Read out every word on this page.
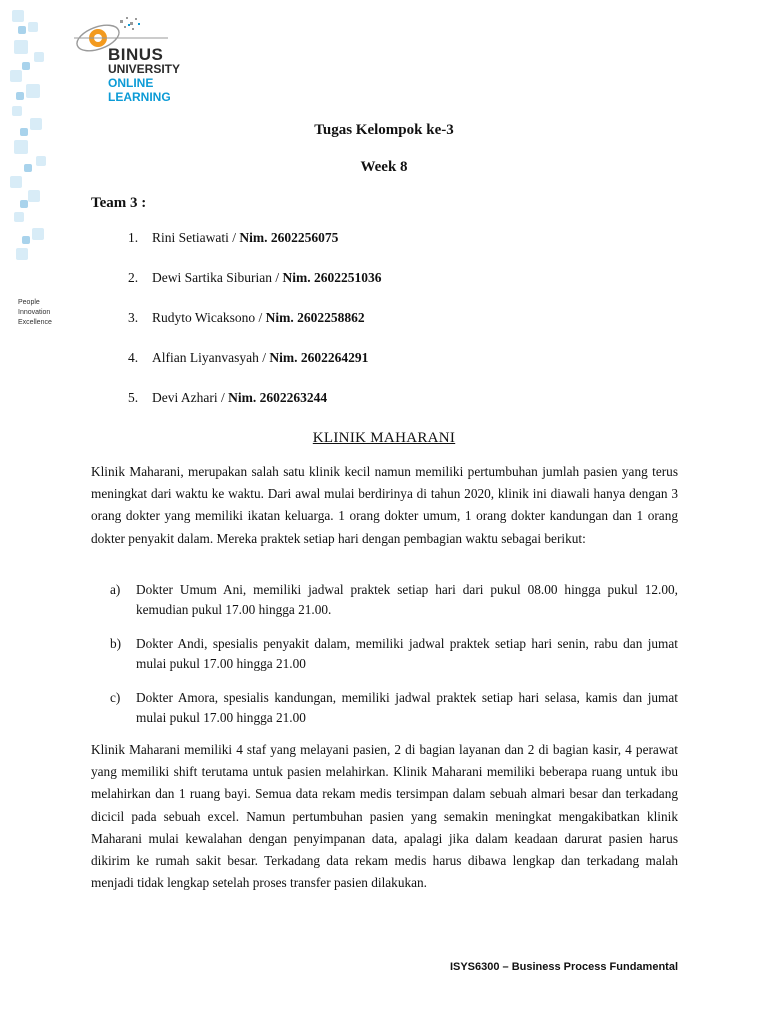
BINUS
UNIVERSITY
ONLINE
LEARNING
People
Innovation
Excellence
Tugas Kelompok ke-3
Week 8
Team 3 :
1. Rini Setiawati / Nim. 2602256075
2. Dewi Sartika Siburian / Nim. 2602251036
3. Rudyto Wicaksono / Nim. 2602258862
4. Alfian Liyanvasyah / Nim. 2602264291
5. Devi Azhari / Nim. 2602263244
KLINIK MAHARANI
Klinik Maharani, merupakan salah satu klinik kecil namun memiliki pertumbuhan jumlah pasien yang terus meningkat dari waktu ke waktu. Dari awal mulai berdirinya di tahun 2020, klinik ini diawali hanya dengan 3 orang dokter yang memiliki ikatan keluarga. 1 orang dokter umum, 1 orang dokter kandungan dan 1 orang dokter penyakit dalam. Mereka praktek setiap hari dengan pembagian waktu sebagai berikut:
a)	Dokter Umum Ani, memiliki jadwal praktek setiap hari dari pukul 08.00 hingga pukul 12.00, kemudian pukul 17.00 hingga 21.00.
b)	Dokter Andi, spesialis penyakit dalam, memiliki jadwal praktek setiap hari senin, rabu dan jumat mulai pukul 17.00 hingga 21.00
c)	Dokter Amora, spesialis kandungan, memiliki jadwal praktek setiap hari selasa, kamis dan jumat mulai pukul 17.00 hingga 21.00
Klinik Maharani memiliki 4 staf yang melayani pasien, 2 di bagian layanan dan 2 di bagian kasir, 4 perawat yang memiliki shift terutama untuk pasien melahirkan. Klinik Maharani memiliki beberapa ruang untuk ibu melahirkan dan 1 ruang bayi. Semua data rekam medis tersimpan dalam sebuah almari besar dan terkadang dicicil pada sebuah excel. Namun pertumbuhan pasien yang semakin meningkat mengakibatkan klinik Maharani mulai kewalahan dengan penyimpanan data, apalagi jika dalam keadaan darurat pasien harus dikirim ke rumah sakit besar. Terkadang data rekam medis harus dibawa lengkap dan terkadang malah menjadi tidak lengkap setelah proses transfer pasien dilakukan.
ISYS6300 – Business Process Fundamental
